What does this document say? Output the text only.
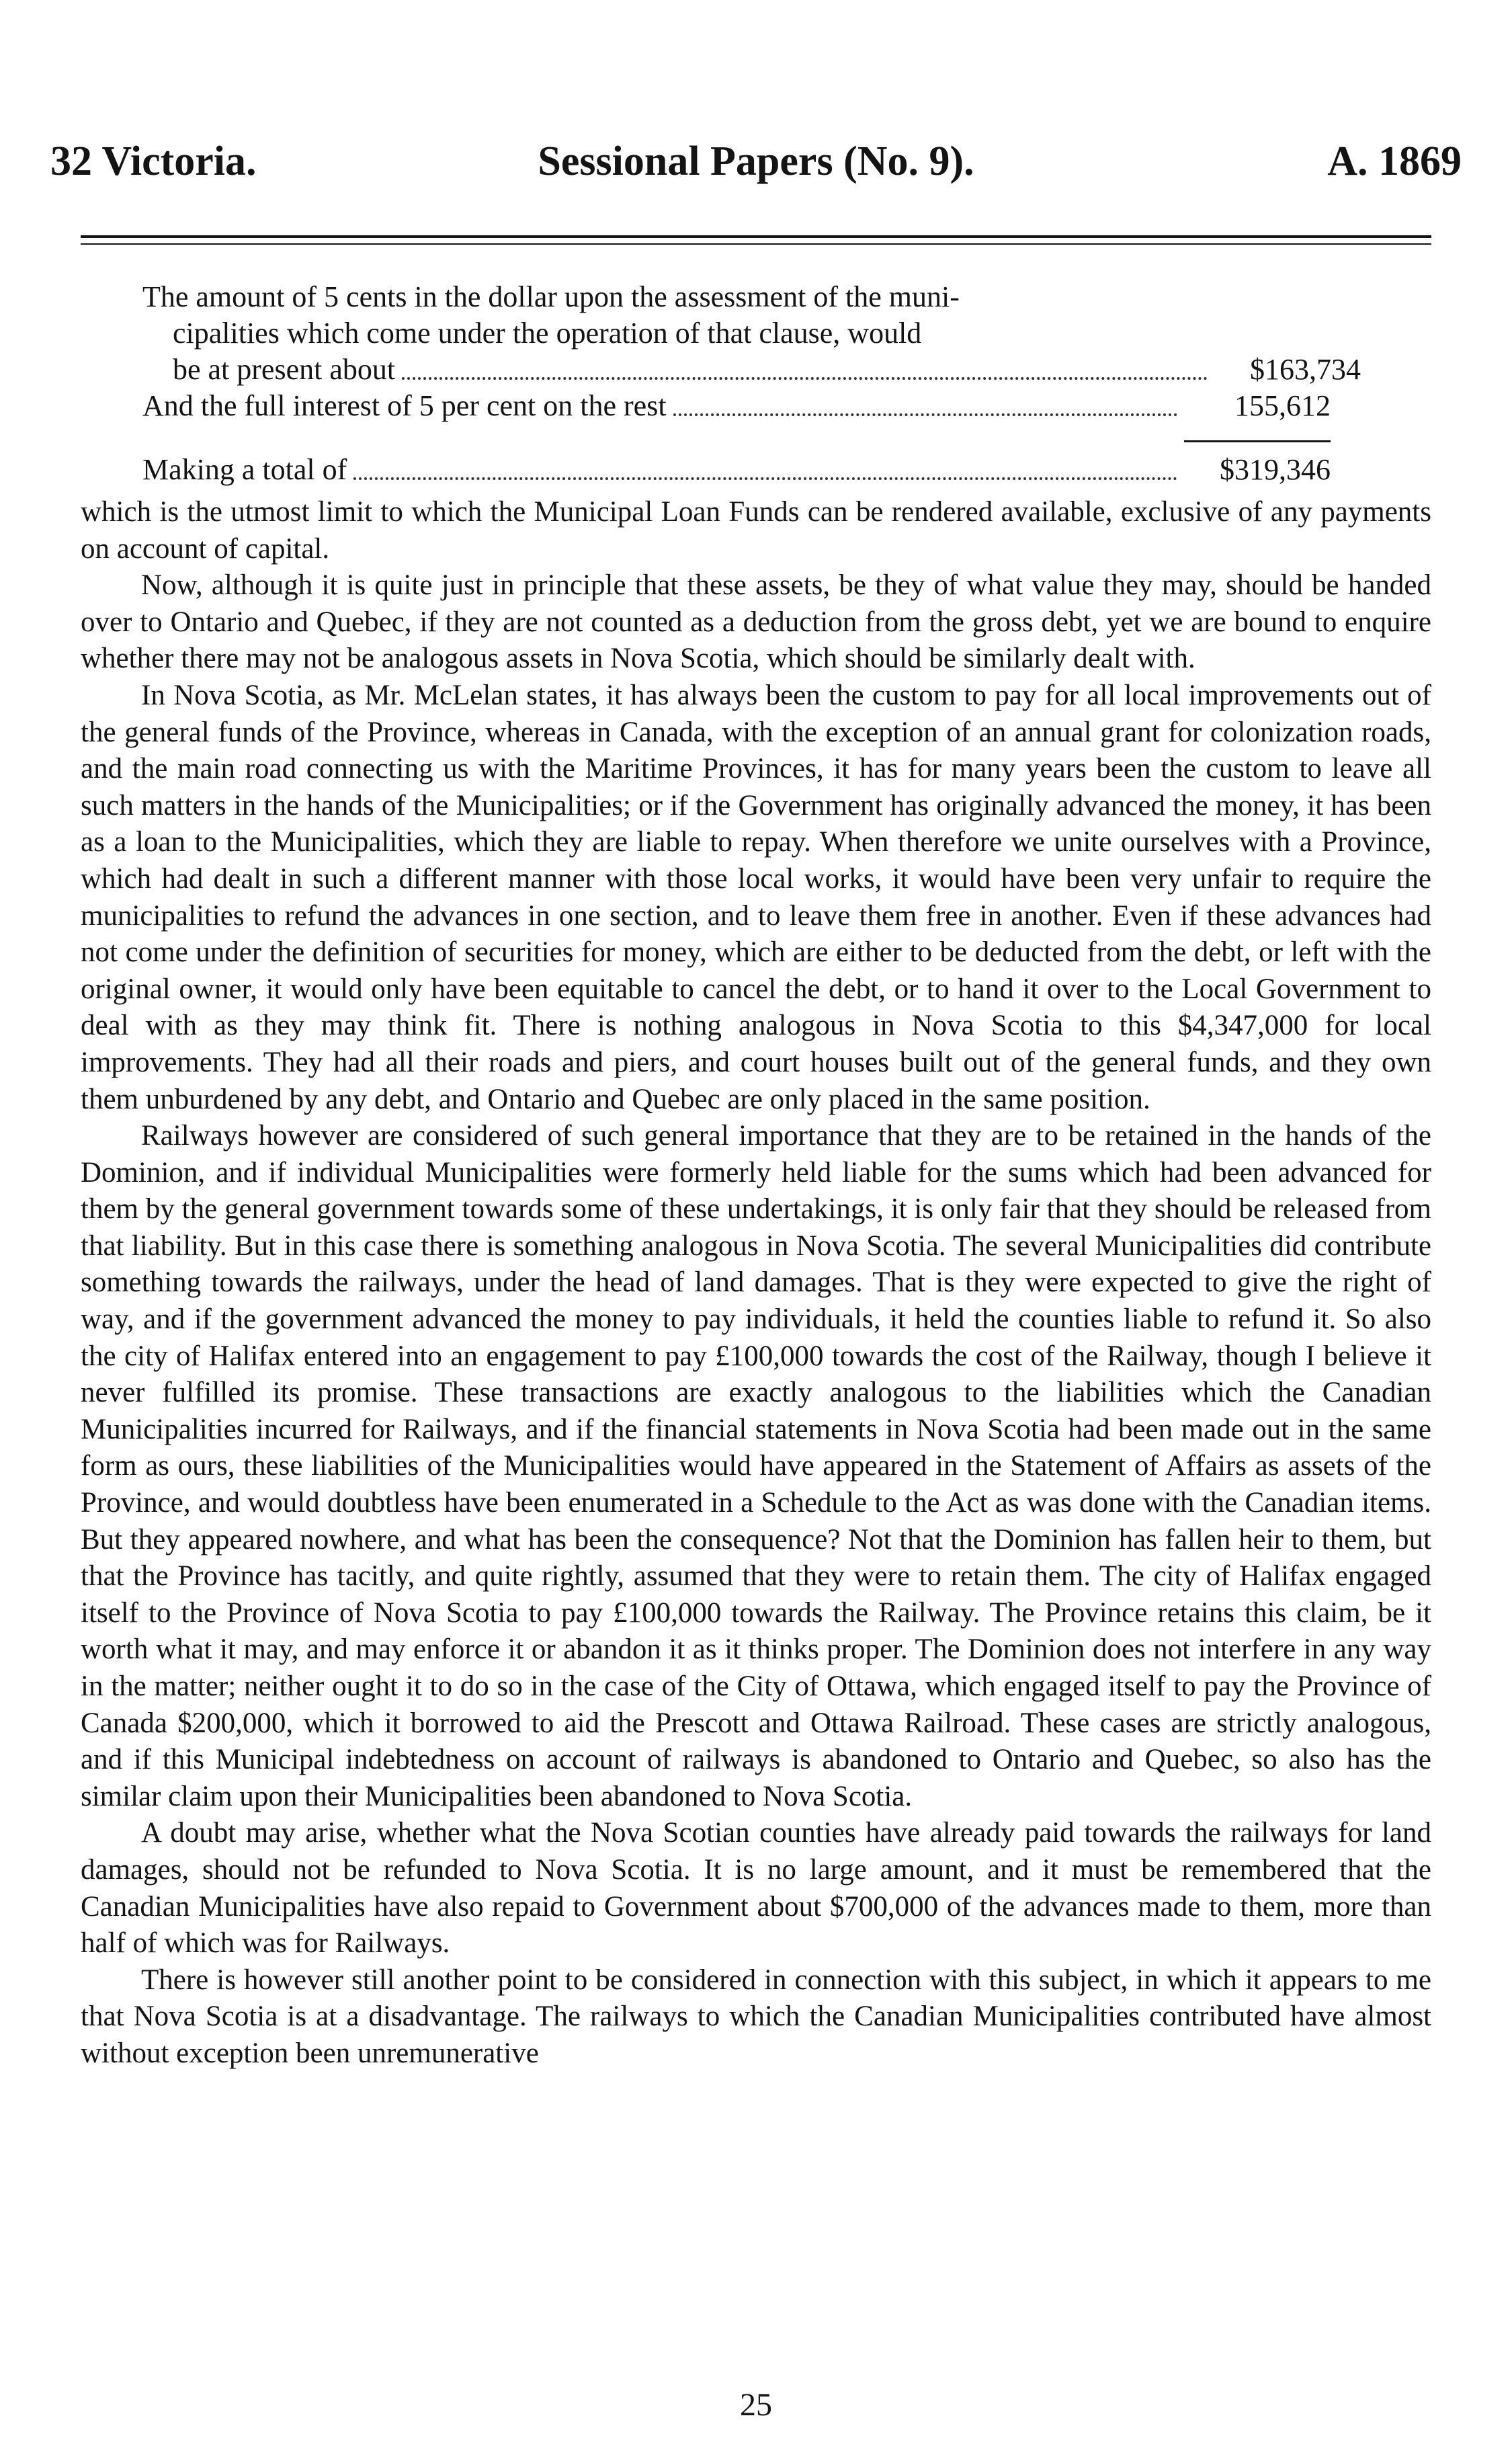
32 Victoria.	Sessional Papers (No. 9).	A. 1869
The amount of 5 cents in the dollar upon the assessment of the muni-
cipalities which come under the operation of that clause, would
be at present about	$163,734
And the full interest of 5 per cent on the rest	155,612
Making a total of	$319,346

which is the utmost limit to which the Municipal Loan Funds can be rendered available, exclusive of any payments on account of capital.

Now, although it is quite just in principle that these assets, be they of what value they may, should be handed over to Ontario and Quebec, if they are not counted as a deduction from the gross debt, yet we are bound to enquire whether there may not be analogous assets in Nova Scotia, which should be similarly dealt with.

In Nova Scotia, as Mr. McLelan states, it has always been the custom to pay for all local improvements out of the general funds of the Province, whereas in Canada, with the exception of an annual grant for colonization roads, and the main road connecting us with the Maritime Provinces, it has for many years been the custom to leave all such matters in the hands of the Municipalities; or if the Government has originally advanced the money, it has been as a loan to the Municipalities, which they are liable to repay. When therefore we unite ourselves with a Province, which had dealt in such a different manner with those local works, it would have been very unfair to require the municipalities to refund the advances in one section, and to leave them free in another. Even if these advances had not come under the definition of securities for money, which are either to be deducted from the debt, or left with the original owner, it would only have been equitable to cancel the debt, or to hand it over to the Local Government to deal with as they may think fit. There is nothing analogous in Nova Scotia to this $4,347,000 for local improvements. They had all their roads and piers, and court houses built out of the general funds, and they own them unburdened by any debt, and Ontario and Quebec are only placed in the same position.

Railways however are considered of such general importance that they are to be retained in the hands of the Dominion, and if individual Municipalities were formerly held liable for the sums which had been advanced for them by the general government towards some of these undertakings, it is only fair that they should be released from that liability. But in this case there is something analogous in Nova Scotia. The several Municipalities did contribute something towards the railways, under the head of land damages. That is they were expected to give the right of way, and if the government advanced the money to pay individuals, it held the counties liable to refund it. So also the city of Halifax entered into an engagement to pay £100,000 towards the cost of the Railway, though I believe it never fulfilled its promise. These transactions are exactly analogous to the liabilities which the Canadian Municipalities incurred for Railways, and if the financial statements in Nova Scotia had been made out in the same form as ours, these liabilities of the Municipalities would have appeared in the Statement of Affairs as assets of the Province, and would doubtless have been enumerated in a Schedule to the Act as was done with the Canadian items. But they appeared nowhere, and what has been the consequence? Not that the Dominion has fallen heir to them, but that the Province has tacitly, and quite rightly, assumed that they were to retain them. The city of Halifax engaged itself to the Province of Nova Scotia to pay £100,000 towards the Railway. The Province retains this claim, be it worth what it may, and may enforce it or abandon it as it thinks proper. The Dominion does not interfere in any way in the matter; neither ought it to do so in the case of the City of Ottawa, which engaged itself to pay the Province of Canada $200,000, which it borrowed to aid the Prescott and Ottawa Railroad. These cases are strictly analogous, and if this Municipal indebtedness on account of railways is abandoned to Ontario and Quebec, so also has the similar claim upon their Municipalities been abandoned to Nova Scotia.

A doubt may arise, whether what the Nova Scotian counties have already paid towards the railways for land damages, should not be refunded to Nova Scotia. It is no large amount, and it must be remembered that the Canadian Municipalities have also repaid to Government about $700,000 of the advances made to them, more than half of which was for Railways.

There is however still another point to be considered in connection with this subject, in which it appears to me that Nova Scotia is at a disadvantage. The railways to which the Canadian Municipalities contributed have almost without exception been unremunerative

25
